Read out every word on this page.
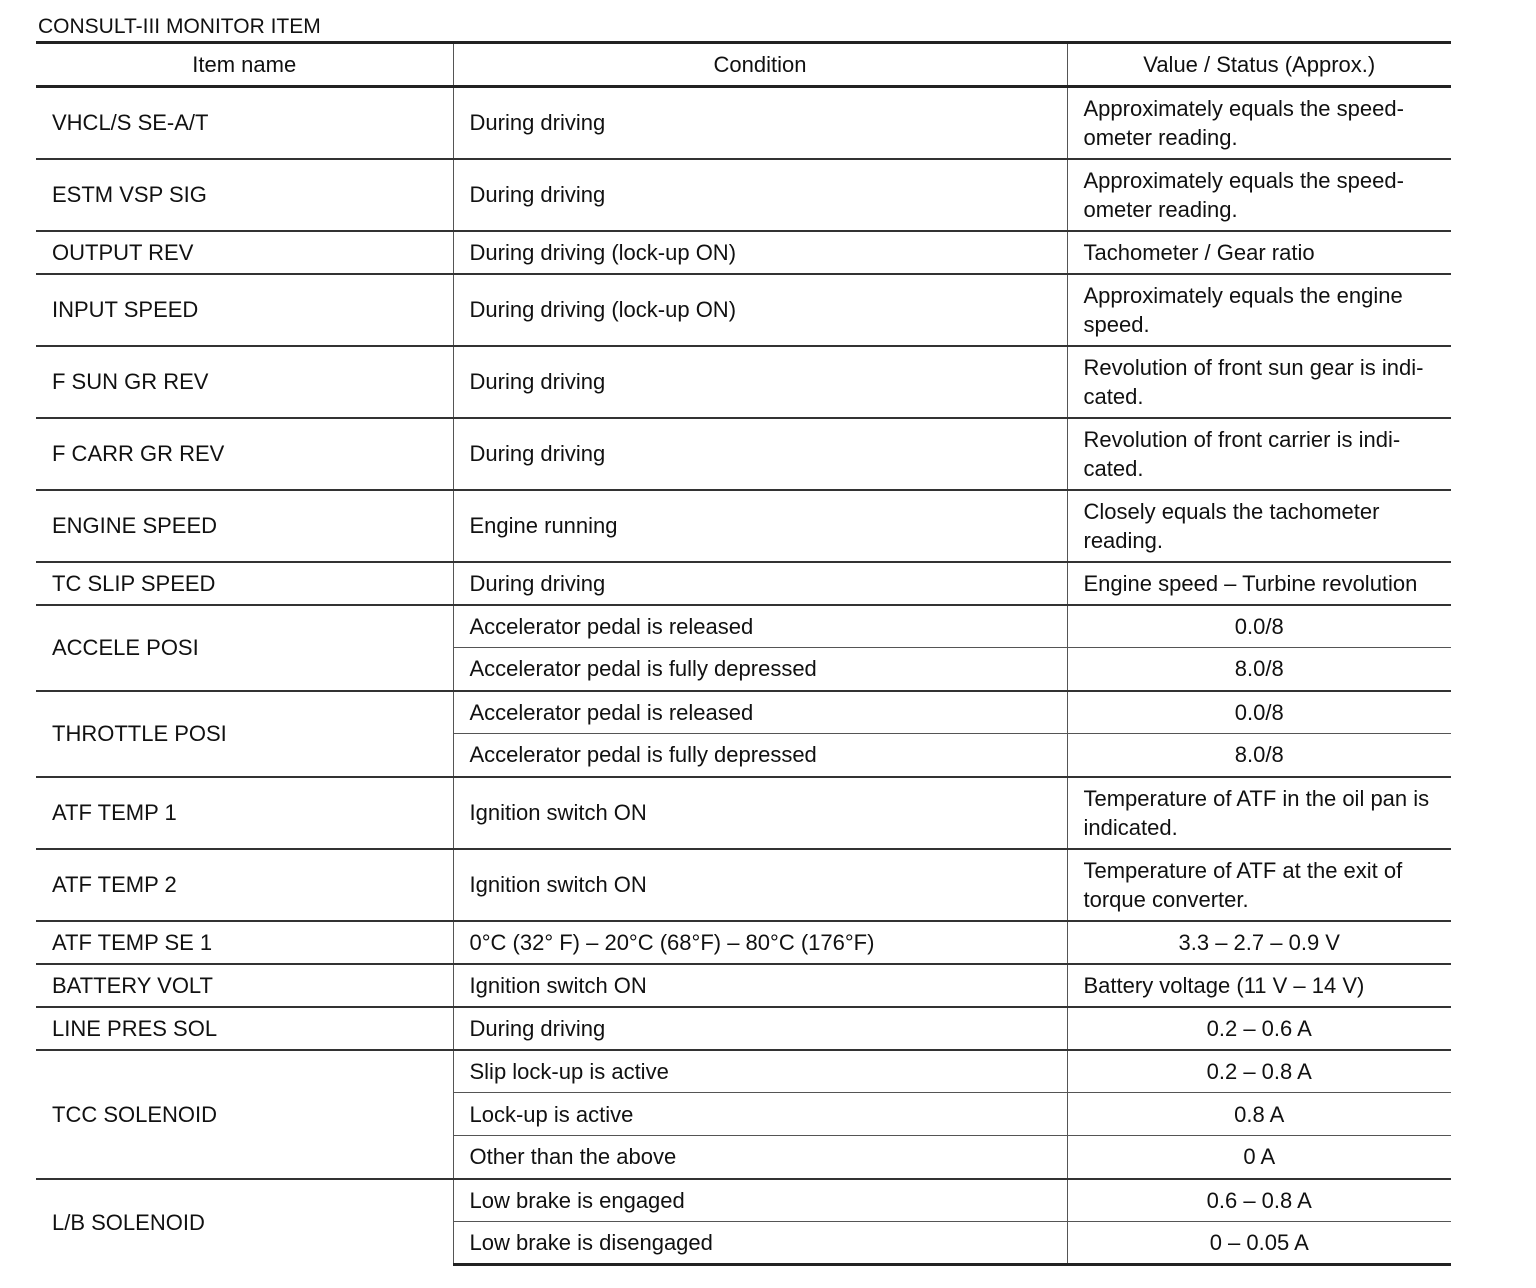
CONSULT-III MONITOR ITEM
Item name	Condition	Value / Status (Approx.)
VHCL/S SE-A/T	During driving	Approximately equals the speed-
ometer reading.
ESTM VSP SIG	During driving	Approximately equals the speed-
ometer reading.
OUTPUT REV	During driving (lock-up ON)	Tachometer / Gear ratio
INPUT SPEED	During driving (lock-up ON)	Approximately equals the engine
speed.
F SUN GR REV	During driving	Revolution of front sun gear is indi-
cated.
F CARR GR REV	During driving	Revolution of front carrier is indi-
cated.
ENGINE SPEED	Engine running	Closely equals the tachometer
reading.
TC SLIP SPEED	During driving	Engine speed – Turbine revolution
ACCELE POSI	Accelerator pedal is released	0.0/8
	Accelerator pedal is fully depressed	8.0/8
THROTTLE POSI	Accelerator pedal is released	0.0/8
	Accelerator pedal is fully depressed	8.0/8
ATF TEMP 1	Ignition switch ON	Temperature of ATF in the oil pan is
indicated.
ATF TEMP 2	Ignition switch ON	Temperature of ATF at the exit of
torque converter.
ATF TEMP SE 1	0°C (32° F) – 20°C (68°F) – 80°C (176°F)	3.3 – 2.7 – 0.9 V
BATTERY VOLT	Ignition switch ON	Battery voltage (11 V – 14 V)
LINE PRES SOL	During driving	0.2 – 0.6 A
TCC SOLENOID	Slip lock-up is active	0.2 – 0.8 A
	Lock-up is active	0.8 A
	Other than the above	0 A
L/B SOLENOID	Low brake is engaged	0.6 – 0.8 A
	Low brake is disengaged	0 – 0.05 A
